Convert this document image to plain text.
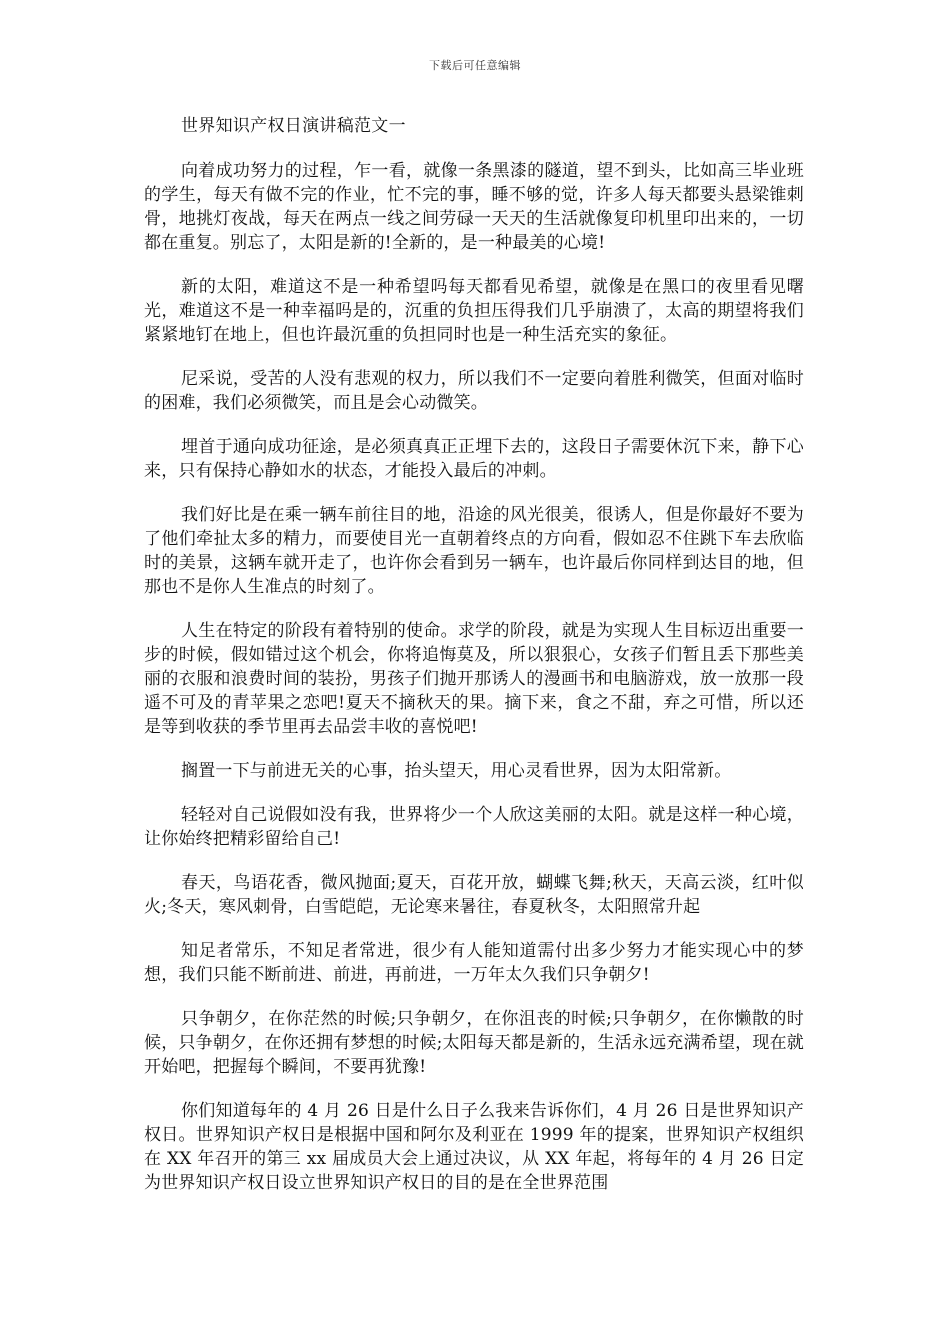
下载后可任意编辑
世界知识产权日演讲稿范文一

向着成功努力的过程，乍一看，就像一条黑漆的隧道，望不到头，比如高三毕业班的学生，每天有做不完的作业，忙不完的事，睡不够的觉，许多人每天都要头悬梁锥刺骨，地挑灯夜战，每天在两点一线之间劳碌一天天的生活就像复印机里印出来的，一切都在重复。别忘了，太阳是新的!全新的，是一种最美的心境!

新的太阳，难道这不是一种希望吗每天都看见希望，就像是在黑口的夜里看见曙光，难道这不是一种幸福吗是的，沉重的负担压得我们几乎崩溃了，太高的期望将我们紧紧地钉在地上，但也许最沉重的负担同时也是一种生活充实的象征。

尼采说，受苦的人没有悲观的权力，所以我们不一定要向着胜利微笑，但面对临时的困难，我们必须微笑，而且是会心动微笑。

埋首于通向成功征途，是必须真真正正埋下去的，这段日子需要休沉下来，静下心来，只有保持心静如水的状态，才能投入最后的冲刺。

我们好比是在乘一辆车前往目的地，沿途的风光很美，很诱人，但是你最好不要为了他们牵扯太多的精力，而要使目光一直朝着终点的方向看，假如忍不住跳下车去欣临时的美景，这辆车就开走了，也许你会看到另一辆车，也许最后你同样到达目的地，但那也不是你人生准点的时刻了。

人生在特定的阶段有着特别的使命。求学的阶段，就是为实现人生目标迈出重要一步的时候，假如错过这个机会，你将追悔莫及，所以狠狠心，女孩子们暂且丢下那些美丽的衣服和浪费时间的装扮，男孩子们抛开那诱人的漫画书和电脑游戏，放一放那一段遥不可及的青苹果之恋吧!夏天不摘秋天的果。摘下来，食之不甜，弃之可惜，所以还是等到收获的季节里再去品尝丰收的喜悦吧!

搁置一下与前进无关的心事，抬头望天，用心灵看世界，因为太阳常新。

轻轻对自己说假如没有我，世界将少一个人欣这美丽的太阳。就是这样一种心境，让你始终把精彩留给自己!

春天，鸟语花香，微风抛面;夏天，百花开放，蝴蝶飞舞;秋天，天高云淡，红叶似火;冬天，寒风刺骨，白雪皑皑，无论寒来暑往，春夏秋冬，太阳照常升起

知足者常乐，不知足者常进，很少有人能知道需付出多少努力才能实现心中的梦想，我们只能不断前进、前进，再前进，一万年太久我们只争朝夕!

只争朝夕，在你茫然的时候;只争朝夕，在你沮丧的时候;只争朝夕，在你懒散的时候，只争朝夕，在你还拥有梦想的时候;太阳每天都是新的，生活永远充满希望，现在就开始吧，把握每个瞬间，不要再犹豫!

你们知道每年的 4 月 26 日是什么日子么我来告诉你们，4 月 26 日是世界知识产权日。世界知识产权日是根据中国和阿尔及利亚在 1999 年的提案，世界知识产权组织在 XX 年召开的第三 xx 届成员大会上通过决议，从 XX 年起，将每年的 4 月 26 日定为世界知识产权日设立世界知识产权日的目的是在全世界范围
